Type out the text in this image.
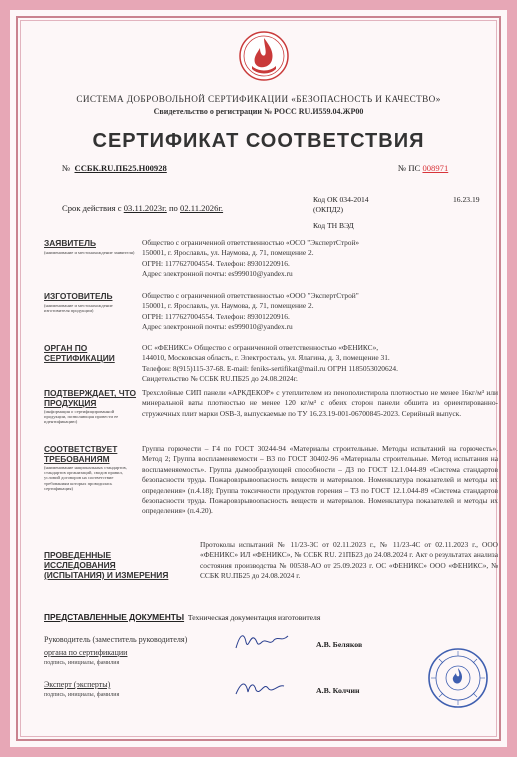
СИСТЕМА ДОБРОВОЛЬНОЙ СЕРТИФИКАЦИИ «БЕЗОПАСНОСТЬ И КАЧЕСТВО»
Свидетельство о регистрации № РОСС RU.И559.04.ЖР00
СЕРТИФИКАТ СООТВЕТСТВИЯ
№ ССБК.RU.ПБ25.Н00928	№ ПС 008971
Срок действия с 03.11.2023г. по 02.11.2026г.
Код ОК 034-2014 (ОКПД2)
16.23.19
Код ТН ВЭД
ЗАЯВИТЕЛЬ
(наименование и местонахождение заявителя)
Общество с ограниченной ответственностью «ОСО "ЭкспертСтрой»
150001, г. Ярославль, ул. Наумова, д. 71, помещение 2.
ОГРН: 1177627004554. Телефон: 89301220916.
Адрес электронной почты: es999010@yandex.ru
ИЗГОТОВИТЕЛЬ
(наименование и местонахождение изготовителя продукции)
Общество с ограниченной ответственностью «ООО "ЭкспертСтрой"
150001, г. Ярославль, ул. Наумова, д. 71, помещение 2.
ОГРН: 1177627004554. Телефон: 89301220916.
Адрес электронной почты: es999010@yandex.ru
ОРГАН ПО
СЕРТИФИКАЦИИ
ОС «ФЕНИКС» Общество с ограниченной ответственностью «ФЕНИКС»,
144010, Московская область, г. Электросталь, ул. Ялагина, д. 3, помещение 31.
Телефон: 8(915)115-37-68. E-mail: feniks-sertifikat@mail.ru ОГРН 1185053020624.
Свидетельство № ССБК RU.ПБ25 до 24.08.2024г.
ПОДТВЕРЖДАЕТ, ЧТО
ПРОДУКЦИЯ
(информация о сертифицированной продукции, позволяющая провести ее идентификацию)
Трехслойные СИП панели «АРКДЕКОР» с утеплителем из пенополистирола плотностью не менее 16кг/м³ или минеральной ваты плотностью не менее 120 кг/м³ с обеих сторон панели обшита из ориентированно-стружечных плит марки OSB-3, выпускаемые по ТУ 16.23.19-001-06700845-2023. Серийный выпуск.
СООТВЕТСТВУЕТ
ТРЕБОВАНИЯМ
(наименование национальных стандартов, стандартов организаций, сводов правил, условий договоров на соответствие требованиям которых проводилась сертификация)
Группа горючести – Г4 по ГОСТ 30244-94 «Материалы строительные. Методы испытаний на горючесть». Метод 2; Группа воспламеняемости – В3 по ГОСТ 30402-96 «Материалы строительные. Метод испытания на воспламеняемость». Группа дымообразующей способности – Д3 по ГОСТ 12.1.044-89 «Система стандартов безопасности труда. Пожаровзрывоопасность веществ и материалов. Номенклатура показателей и методы их определения» (п.4.18); Группа токсичности продуктов горения – Т3 по ГОСТ 12.1.044-89 «Система стандартов безопасности труда. Пожаровзрывоопасность веществ и материалов. Номенклатура показателей и методы их определения» (п.4.20).
ПРОВЕДЕННЫЕ
ИССЛЕДОВАНИЯ
(ИСПЫТАНИЯ) И ИЗМЕРЕНИЯ
Протоколы испытаний № 11/23-3С от 02.11.2023 г., № 11/23-4С от 02.11.2023 г., ООО «ФЕНИКС» ИЛ «ФЕНИКС», № ССБК RU. 21ПБ23 до 24.08.2024 г. Акт о результатах анализа состояния производства № 00538-АО от 25.09.2023 г. ОС «ФЕНИКС» ООО «ФЕНИКС», № ССБК RU.ПБ25 до 24.08.2024 г.
ПРЕДСТАВЛЕННЫЕ ДОКУМЕНТЫ Техническая документация изготовителя
Руководитель (заместитель руководителя)
органа по сертификации
подпись, инициалы, фамилия
А.В. Беляков
Эксперт (эксперты)
подпись, инициалы, фамилия	А.В. Колчин
